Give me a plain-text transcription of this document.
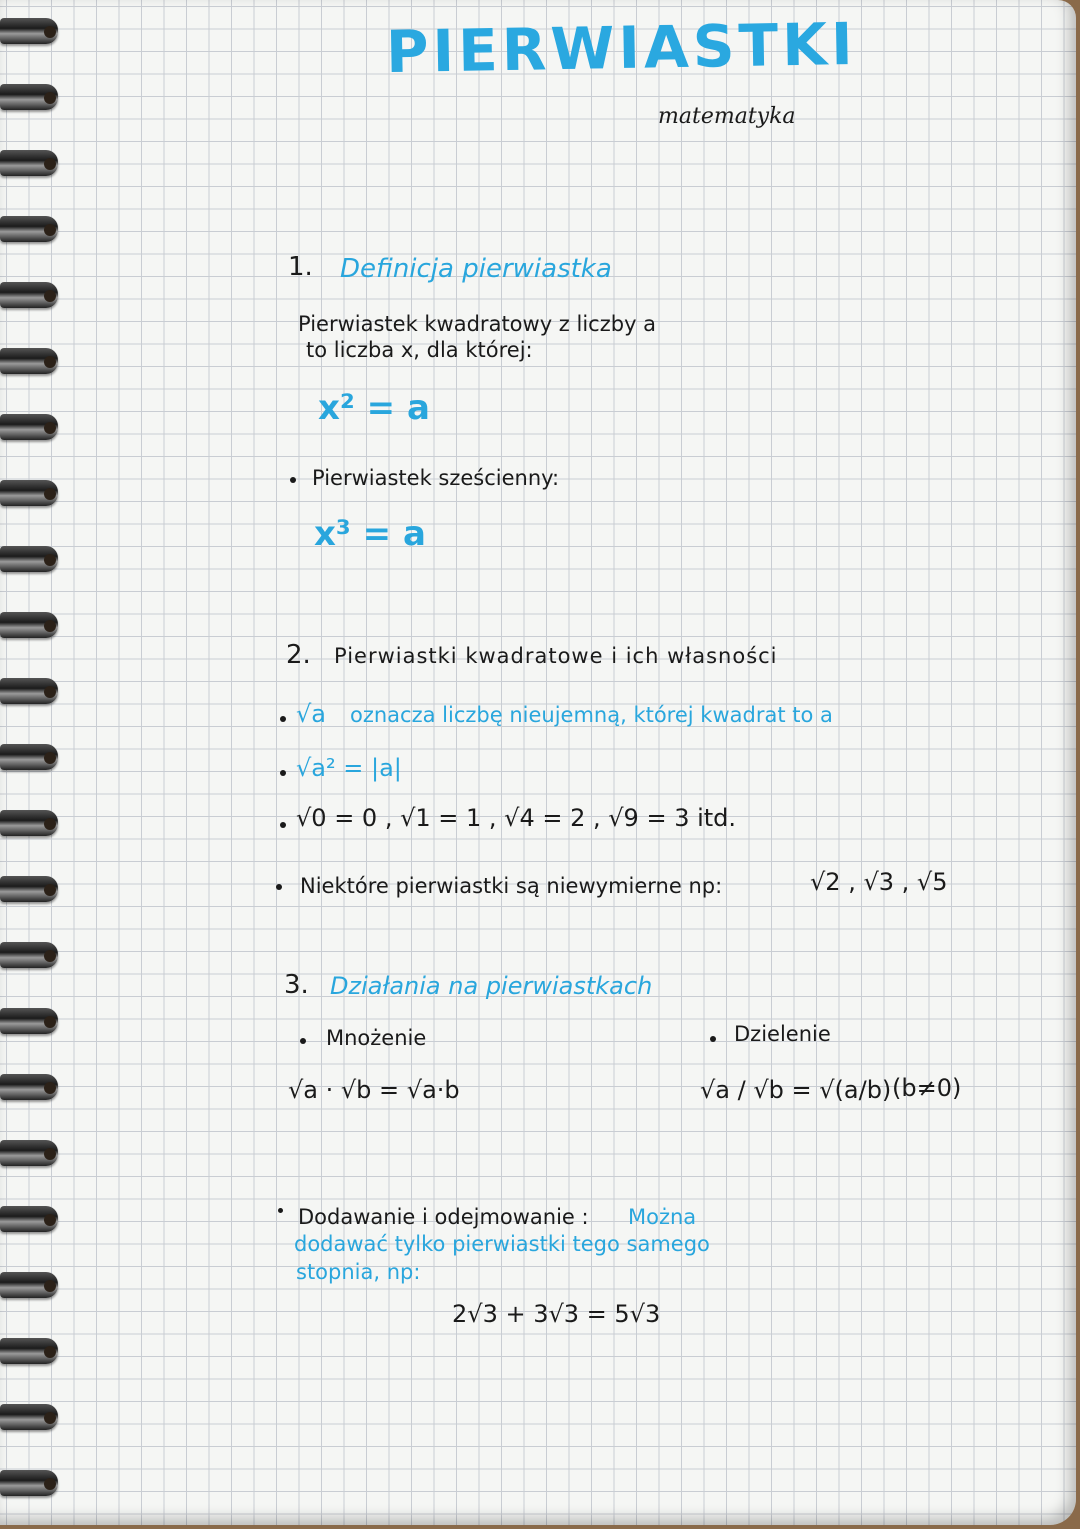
PIERWIASTKI
matematyka
1. Definicja pierwiastka
Pierwiastek kwadratowy z liczby a
to liczba x, dla której:
x² = a
Pierwiastek sześcienny:
x³ = a
2. Pierwiastki kwadratowe i ich własności
√a oznacza liczbę nieujemną, której kwadrat to a
√a² = |a|
√0 = 0 , √1 = 1 , √4 = 2 , √9 = 3 itd.
Niektóre pierwiastki są niewymierne np:	√2 , √3 , √5
3. Działania na pierwiastkach
Mnożenie
√a · √b = √a·b
Dzielenie
√a / √b = √(a/b) (b≠0)
Dodawanie i odejmowanie : Można
dodawać tylko pierwiastki tego samego
stopnia, np:
2√3 + 3√3 = 5√3
